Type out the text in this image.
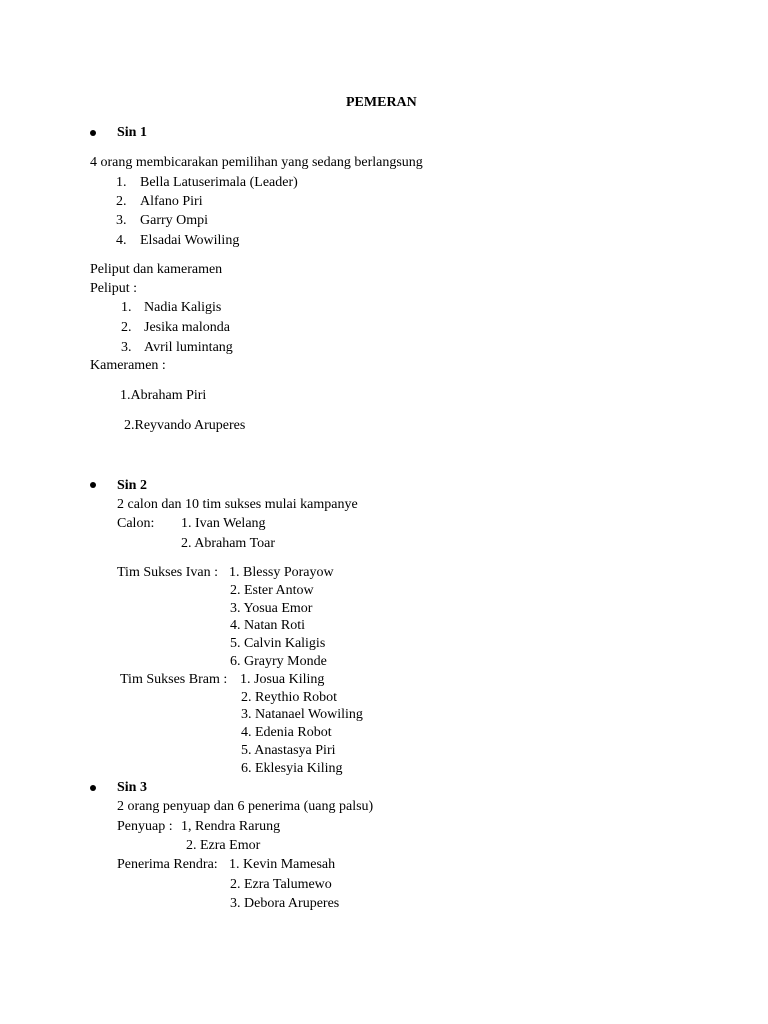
PEMERAN
Sin 1
4 orang membicarakan pemilihan yang sedang berlangsung
1. Bella Latuserimala (Leader)
2. Alfano Piri
3. Garry Ompi
4. Elsadai Wowiling
Peliput dan kameramen
Peliput :
1. Nadia Kaligis
2. Jesika malonda
3. Avril lumintang
Kameramen :
1.Abraham Piri
2.Reyvando Aruperes
Sin 2
2 calon dan 10 tim sukses mulai kampanye
Calon: 1. Ivan Welang
2. Abraham Toar
Tim Sukses Ivan : 1. Blessy Porayow
2. Ester Antow
3. Yosua Emor
4. Natan Roti
5. Calvin Kaligis
6. Grayry Monde
Tim Sukses Bram : 1. Josua Kiling
2. Reythio Robot
3. Natanael Wowiling
4. Edenia Robot
5. Anastasya Piri
6. Eklesyia Kiling
Sin 3
2 orang penyuap dan 6 penerima (uang palsu)
Penyuap : 1, Rendra Rarung
2. Ezra Emor
Penerima Rendra: 1. Kevin Mamesah
2. Ezra Talumewo
3. Debora Aruperes
